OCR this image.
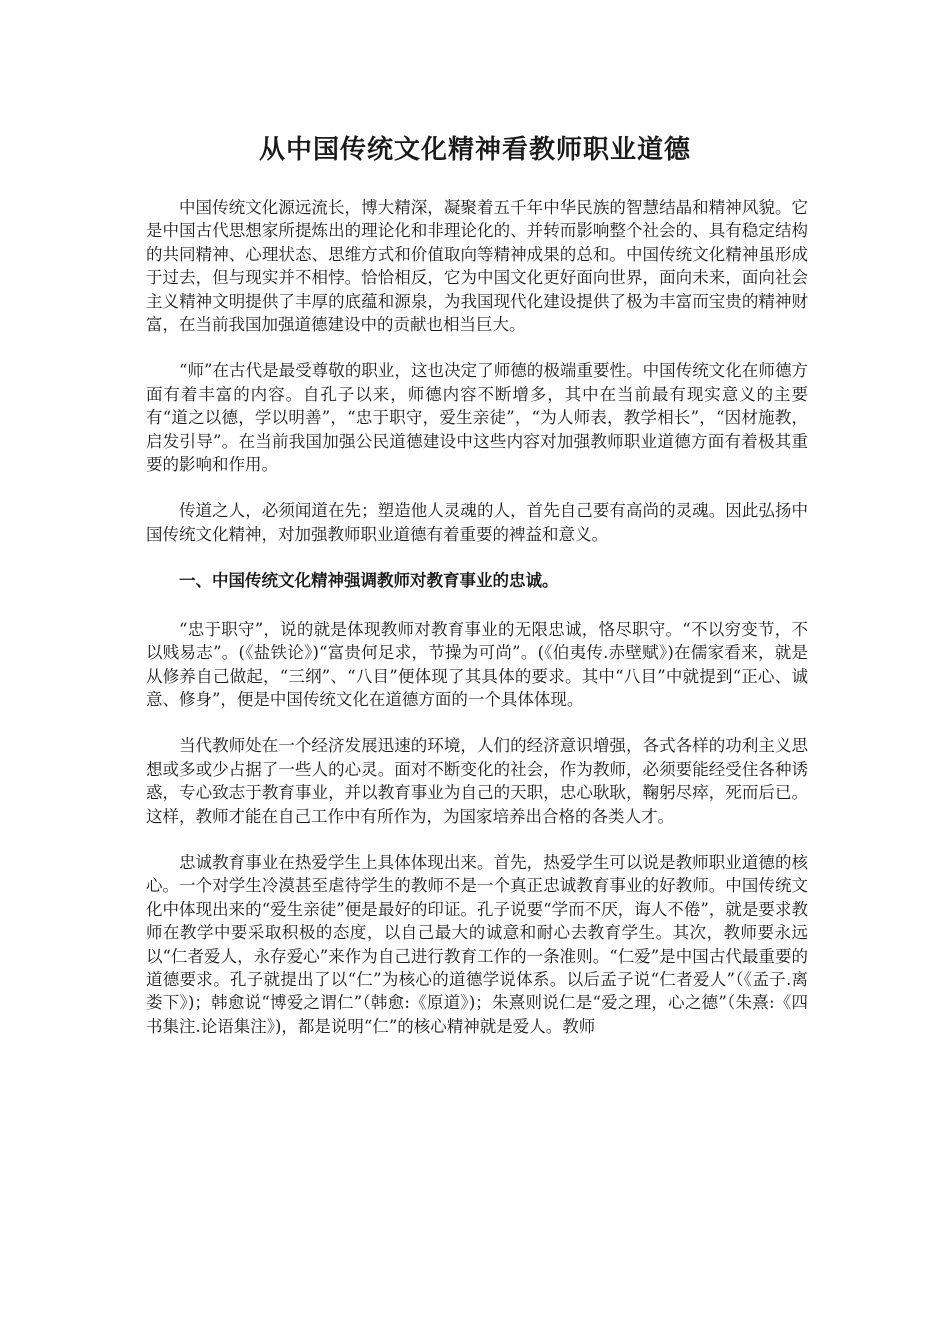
从中国传统文化精神看教师职业道德

中国传统文化源远流长，博大精深，凝聚着五千年中华民族的智慧结晶和精神风貌。它是中国古代思想家所提炼出的理论化和非理论化的、并转而影响整个社会的、具有稳定结构的共同精神、心理状态、思维方式和价值取向等精神成果的总和。中国传统文化精神虽形成于过去，但与现实并不相悖。恰恰相反，它为中国文化更好面向世界，面向未来，面向社会主义精神文明提供了丰厚的底蕴和源泉，为我国现代化建设提供了极为丰富而宝贵的精神财富，在当前我国加强道德建设中的贡献也相当巨大。

“师”在古代是最受尊敬的职业，这也决定了师德的极端重要性。中国传统文化在师德方面有着丰富的内容。自孔子以来，师德内容不断增多，其中在当前最有现实意义的主要有“道之以德，学以明善”，“忠于职守，爱生亲徒”，“为人师表，教学相长”，“因材施教，启发引导”。在当前我国加强公民道德建设中这些内容对加强教师职业道德方面有着极其重要的影响和作用。

传道之人，必须闻道在先；塑造他人灵魂的人，首先自己要有高尚的灵魂。因此弘扬中国传统文化精神，对加强教师职业道德有着重要的裨益和意义。

一、中国传统文化精神强调教师对教育事业的忠诚。

“忠于职守”，说的就是体现教师对教育事业的无限忠诚，恪尽职守。“不以穷变节，不以贱易志”。(《盐铁论》)“富贵何足求，节操为可尚”。(《伯夷传.赤壁赋》)在儒家看来，就是从修养自己做起，“三纲”、“八目”便体现了其具体的要求。其中“八目”中就提到“正心、诚意、修身”，便是中国传统文化在道德方面的一个具体体现。

当代教师处在一个经济发展迅速的环境，人们的经济意识增强，各式各样的功利主义思想或多或少占据了一些人的心灵。面对不断变化的社会，作为教师，必须要能经受住各种诱惑，专心致志于教育事业，并以教育事业为自己的天职，忠心耿耿，鞠躬尽瘁，死而后已。这样，教师才能在自己工作中有所作为，为国家培养出合格的各类人才。

忠诚教育事业在热爱学生上具体体现出来。首先，热爱学生可以说是教师职业道德的核心。一个对学生冷漠甚至虐待学生的教师不是一个真正忠诚教育事业的好教师。中国传统文化中体现出来的“爱生亲徒”便是最好的印证。孔子说要“学而不厌，诲人不倦”，就是要求教师在教学中要采取积极的态度，以自己最大的诚意和耐心去教育学生。其次，教师要永远以“仁者爱人，永存爱心”来作为自己进行教育工作的一条准则。“仁爱”是中国古代最重要的道德要求。孔子就提出了以“仁”为核心的道德学说体系。以后孟子说“仁者爱人”（《孟子.离娄下》)；韩愈说“博爱之谓仁”（韩愈:《原道》)；朱熹则说仁是“爱之理，心之德”（朱熹:《四书集注.论语集注》)，都是说明“仁”的核心精神就是爱人。教师
